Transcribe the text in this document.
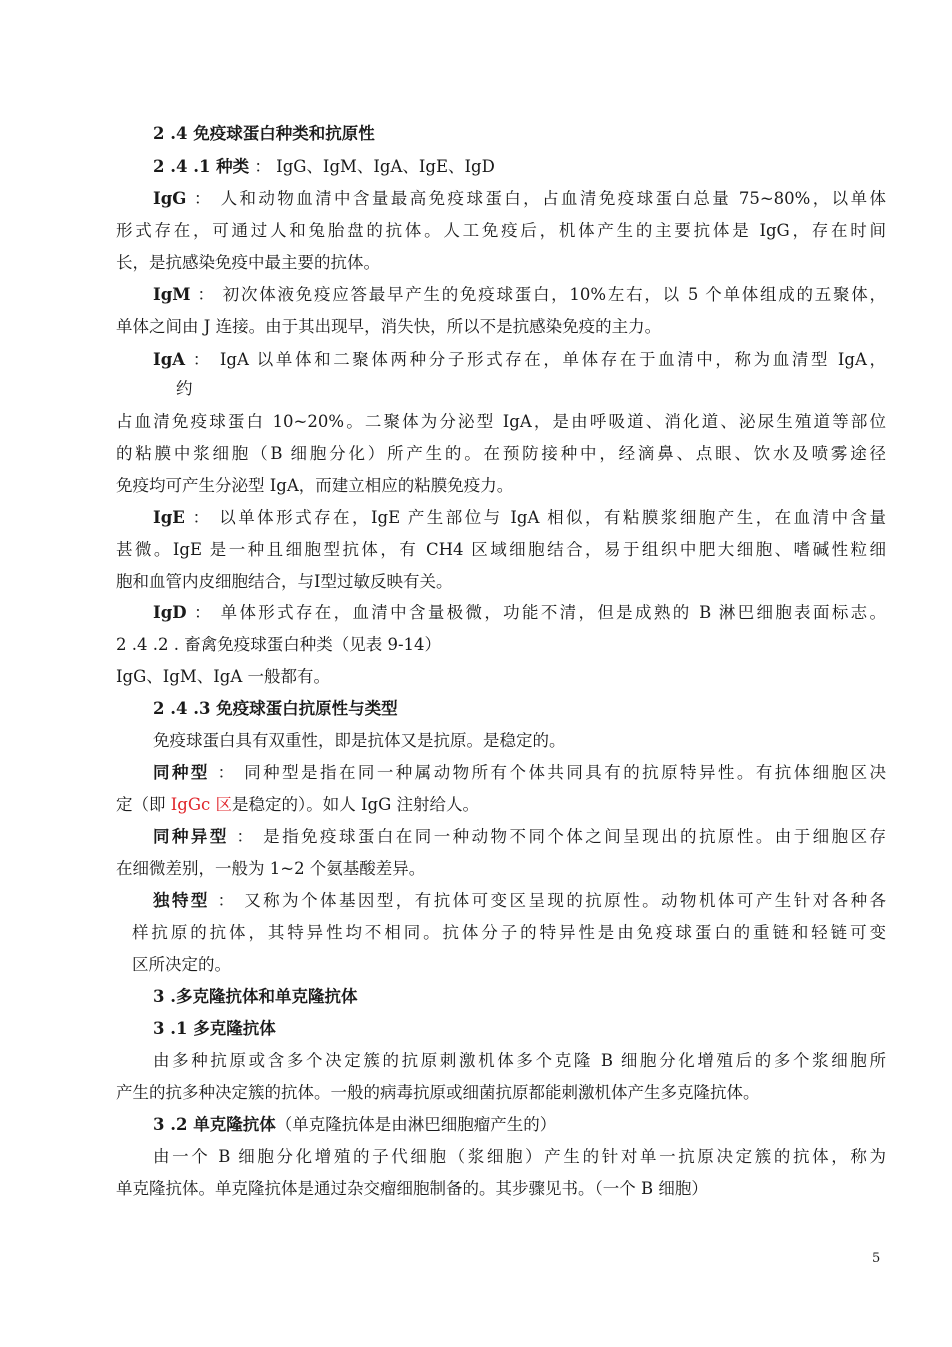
2 .4 免疫球蛋白种类和抗原性
2 .4 .1 种类 ： IgG、IgM、IgA、IgE、IgD
IgG ： 人和动物血清中含量最高免疫球蛋白，占血清免疫球蛋白总量 75~80%，以单体
形式存在，可通过人和兔胎盘的抗体。人工免疫后，机体产生的主要抗体是 IgG，存在时间
长，是抗感染免疫中最主要的抗体。
IgM ： 初次体液免疫应答最早产生的免疫球蛋白，10%左右，以 5 个单体组成的五聚体，
单体之间由 J 连接。由于其出现早，消失快，所以不是抗感染免疫的主力。
IgA ： IgA 以单体和二聚体两种分子形式存在，单体存在于血清中，称为血清型 IgA，
约
占血清免疫球蛋白 10~20%。二聚体为分泌型 IgA，是由呼吸道、消化道、泌尿生殖道等部位
的粘膜中浆细胞（B 细胞分化）所产生的。在预防接种中，经滴鼻、点眼、饮水及喷雾途径
免疫均可产生分泌型 IgA，而建立相应的粘膜免疫力。
IgE ： 以单体形式存在，IgE 产生部位与 IgA 相似，有粘膜浆细胞产生，在血清中含量
甚微。IgE 是一种且细胞型抗体，有 CH4 区域细胞结合，易于组织中肥大细胞、嗜碱性粒细
胞和血管内皮细胞结合，与Ⅰ型过敏反映有关。
IgD ： 单体形式存在，血清中含量极微，功能不清，但是成熟的 B 淋巴细胞表面标志。
2 .4 .2 . 畜禽免疫球蛋白种类（见表 9-14）
IgG、IgM、IgA 一般都有。
2 .4 .3 免疫球蛋白抗原性与类型
免疫球蛋白具有双重性，即是抗体又是抗原。是稳定的。
同种型 ： 同种型是指在同一种属动物所有个体共同具有的抗原特异性。有抗体细胞区决
定（即 IgGc 区是稳定的）。如人 IgG 注射给人。
同种异型 ： 是指免疫球蛋白在同一种动物不同个体之间呈现出的抗原性。由于细胞区存
在细微差别，一般为 1~2 个氨基酸差异。
独特型 ： 又称为个体基因型，有抗体可变区呈现的抗原性。动物机体可产生针对各种各
样抗原的抗体，其特异性均不相同。抗体分子的特异性是由免疫球蛋白的重链和轻链可变
区所决定的。
3 .多克隆抗体和单克隆抗体
3 .1 多克隆抗体
由多种抗原或含多个决定簇的抗原刺激机体多个克隆 B 细胞分化增殖后的多个浆细胞所
产生的抗多种决定簇的抗体。一般的病毒抗原或细菌抗原都能刺激机体产生多克隆抗体。
3 .2 单克隆抗体（单克隆抗体是由淋巴细胞瘤产生的）
由一个 B 细胞分化增殖的子代细胞（浆细胞）产生的针对单一抗原决定簇的抗体，称为
单克隆抗体。单克隆抗体是通过杂交瘤细胞制备的。其步骤见书。（一个 B 细胞）
5
